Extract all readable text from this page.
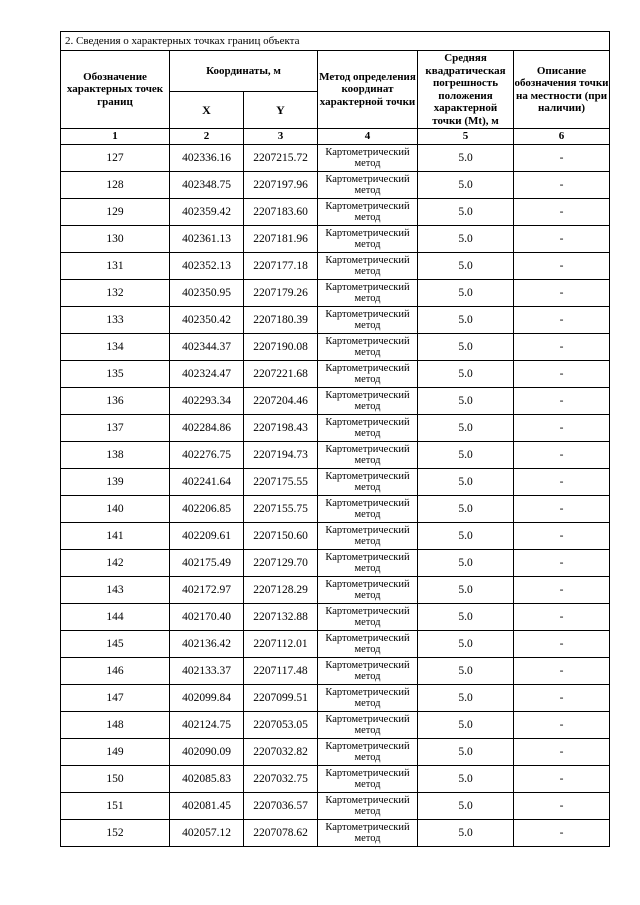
2. Сведения о характерных точках границ объекта					
Обозначение характерных точек границ	Координаты, м		Метод определения координат характерной точки	Средняя квадратическая погрешность положения характерной точки (Mt), м	Описание обозначения точки на местности (при наличии)
	X	Y			
1	2	3	4	5	6
127	402336.16	2207215.72	Картометрический метод	5.0	-
128	402348.75	2207197.96	Картометрический метод	5.0	-
129	402359.42	2207183.60	Картометрический метод	5.0	-
130	402361.13	2207181.96	Картометрический метод	5.0	-
131	402352.13	2207177.18	Картометрический метод	5.0	-
132	402350.95	2207179.26	Картометрический метод	5.0	-
133	402350.42	2207180.39	Картометрический метод	5.0	-
134	402344.37	2207190.08	Картометрический метод	5.0	-
135	402324.47	2207221.68	Картометрический метод	5.0	-
136	402293.34	2207204.46	Картометрический метод	5.0	-
137	402284.86	2207198.43	Картометрический метод	5.0	-
138	402276.75	2207194.73	Картометрический метод	5.0	-
139	402241.64	2207175.55	Картометрический метод	5.0	-
140	402206.85	2207155.75	Картометрический метод	5.0	-
141	402209.61	2207150.60	Картометрический метод	5.0	-
142	402175.49	2207129.70	Картометрический метод	5.0	-
143	402172.97	2207128.29	Картометрический метод	5.0	-
144	402170.40	2207132.88	Картометрический метод	5.0	-
145	402136.42	2207112.01	Картометрический метод	5.0	-
146	402133.37	2207117.48	Картометрический метод	5.0	-
147	402099.84	2207099.51	Картометрический метод	5.0	-
148	402124.75	2207053.05	Картометрический метод	5.0	-
149	402090.09	2207032.82	Картометрический метод	5.0	-
150	402085.83	2207032.75	Картометрический метод	5.0	-
151	402081.45	2207036.57	Картометрический метод	5.0	-
152	402057.12	2207078.62	Картометрический метод	5.0	-
